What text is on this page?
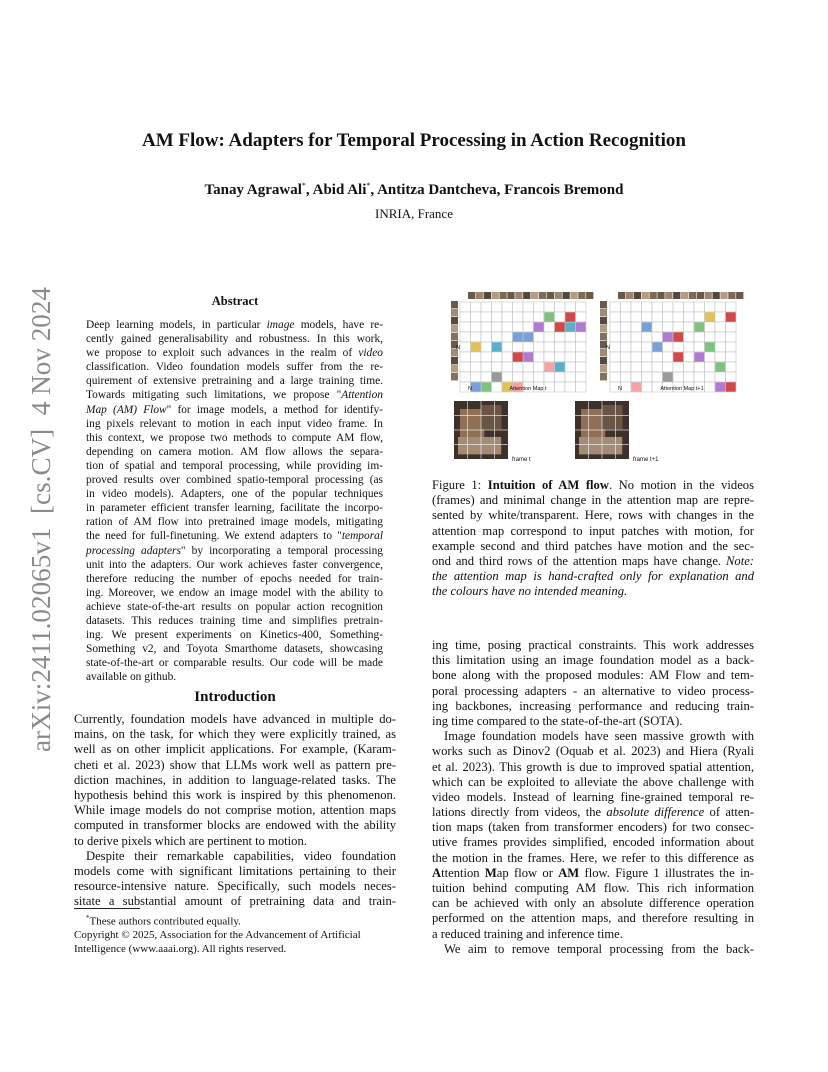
arXiv:2411.02065v1  [cs.CV]  4 Nov 2024
AM Flow: Adapters for Temporal Processing in Action Recognition
Tanay Agrawal*, Abid Ali*, Antitza Dantcheva, Francois Bremond
INRIA, France
Abstract
Deep learning models, in particular image models, have re-
cently gained generalisability and robustness. In this work,
we propose to exploit such advances in the realm of video
classification. Video foundation models suffer from the re-
quirement of extensive pretraining and a large training time.
Towards mitigating such limitations, we propose "Attention
Map (AM) Flow" for image models, a method for identify-
ing pixels relevant to motion in each input video frame. In
this context, we propose two methods to compute AM flow,
depending on camera motion. AM flow allows the separa-
tion of spatial and temporal processing, while providing im-
proved results over combined spatio-temporal processing (as
in video models). Adapters, one of the popular techniques
in parameter efficient transfer learning, facilitate the incorpo-
ration of AM flow into pretrained image models, mitigating
the need for full-finetuning. We extend adapters to "temporal
processing adapters" by incorporating a temporal processing
unit into the adapters. Our work achieves faster convergence,
therefore reducing the number of epochs needed for train-
ing. Moreover, we endow an image model with the ability to
achieve state-of-the-art results on popular action recognition
datasets. This reduces training time and simplifies pretrain-
ing. We present experiments on Kinetics-400, Something-
Something v2, and Toyota Smarthome datasets, showcasing
state-of-the-art or comparable results. Our code will be made
available on github.
Introduction
Currently, foundation models have advanced in multiple do-
mains, on the task, for which they were explicitly trained, as
well as on other implicit applications. For example, (Karam-
cheti et al. 2023) show that LLMs work well as pattern pre-
diction machines, in addition to language-related tasks. The
hypothesis behind this work is inspired by this phenomenon.
While image models do not comprise motion, attention maps
computed in transformer blocks are endowed with the ability
to derive pixels which are pertinent to motion.
Despite their remarkable capabilities, video foundation
models come with significant limitations pertaining to their
resource-intensive nature. Specifically, such models neces-
sitate a substantial amount of pretraining data and train-
*These authors contributed equally.
Copyright © 2025, Association for the Advancement of Artificial
Intelligence (www.aaai.org). All rights reserved.
N
N	Attention Map t
N
N	Attention Map t+1
frame t	frame t+1
Figure 1: Intuition of AM flow. No motion in the videos
(frames) and minimal change in the attention map are repre-
sented by white/transparent. Here, rows with changes in the
attention map correspond to input patches with motion, for
example second and third patches have motion and the sec-
ond and third rows of the attention maps have change. Note:
the attention map is hand-crafted only for explanation and
the colours have no intended meaning.
ing time, posing practical constraints. This work addresses
this limitation using an image foundation model as a back-
bone along with the proposed modules: AM Flow and tem-
poral processing adapters - an alternative to video process-
ing backbones, increasing performance and reducing train-
ing time compared to the state-of-the-art (SOTA).
Image foundation models have seen massive growth with
works such as Dinov2 (Oquab et al. 2023) and Hiera (Ryali
et al. 2023). This growth is due to improved spatial attention,
which can be exploited to alleviate the above challenge with
video models. Instead of learning fine-grained temporal re-
lations directly from videos, the absolute difference of atten-
tion maps (taken from transformer encoders) for two consec-
utive frames provides simplified, encoded information about
the motion in the frames. Here, we refer to this difference as
Attention Map flow or AM flow. Figure 1 illustrates the in-
tuition behind computing AM flow. This rich information
can be achieved with only an absolute difference operation
performed on the attention maps, and therefore resulting in
a reduced training and inference time.
We aim to remove temporal processing from the back-
